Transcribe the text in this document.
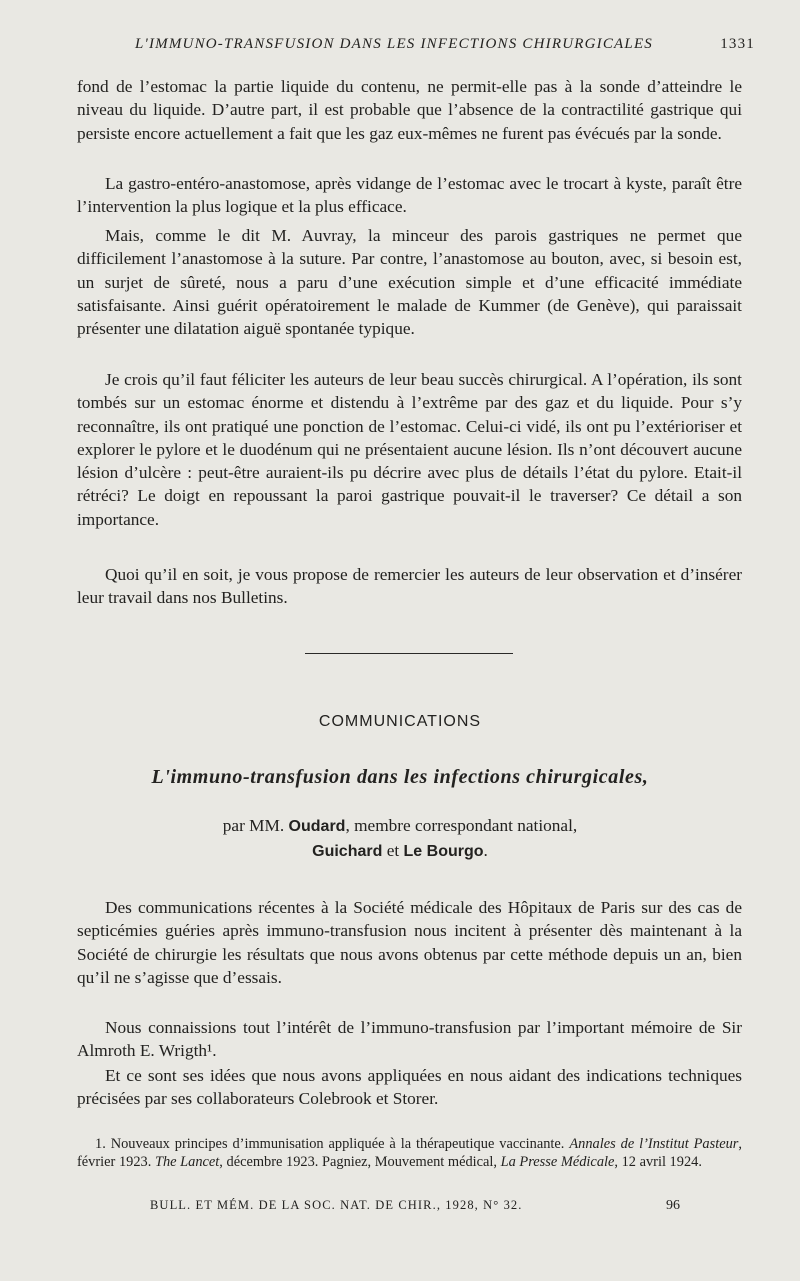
L'IMMUNO-TRANSFUSION DANS LES INFECTIONS CHIRURGICALES	1331

fond de l’estomac la partie liquide du contenu, ne permit-elle pas à la sonde d’atteindre le niveau du liquide. D’autre part, il est probable que l’absence de la contractilité gastrique qui persiste encore actuellement a fait que les gaz eux-mêmes ne furent pas évécués par la sonde.

La gastro-entéro-anastomose, après vidange de l’estomac avec le trocart à kyste, paraît être l’intervention la plus logique et la plus efficace.

Mais, comme le dit M. Auvray, la minceur des parois gastriques ne permet que difficilement l’anastomose à la suture. Par contre, l’anastomose au bouton, avec, si besoin est, un surjet de sûreté, nous a paru d’une exécution simple et d’une efficacité immédiate satisfaisante. Ainsi guérit opératoirement le malade de Kummer (de Genève), qui paraissait présenter une dilatation aiguë spontanée typique.

Je crois qu’il faut féliciter les auteurs de leur beau succès chirurgical. A l’opération, ils sont tombés sur un estomac énorme et distendu à l’extrême par des gaz et du liquide. Pour s’y reconnaître, ils ont pratiqué une ponction de l’estomac. Celui-ci vidé, ils ont pu l’extérioriser et explorer le pylore et le duodénum qui ne présentaient aucune lésion. Ils n’ont découvert aucune lésion d’ulcère : peut-être auraient-ils pu décrire avec plus de détails l’état du pylore. Etait-il rétréci? Le doigt en repoussant la paroi gastrique pouvait-il le traverser? Ce détail a son importance.

Quoi qu’il en soit, je vous propose de remercier les auteurs de leur observation et d’insérer leur travail dans nos Bulletins.

COMMUNICATIONS
L'immuno-transfusion dans les infections chirurgicales,
par MM. Oudard, membre correspondant national,
Guichard et Le Bourgo.

Des communications récentes à la Société médicale des Hôpitaux de Paris sur des cas de septicémies guéries après immuno-transfusion nous incitent à présenter dès maintenant à la Société de chirurgie les résultats que nous avons obtenus par cette méthode depuis un an, bien qu’il ne s’agisse que d’essais.

Nous connaissions tout l’intérêt de l’immuno-transfusion par l’important mémoire de Sir Almroth E. Wrigth¹.

Et ce sont ses idées que nous avons appliquées en nous aidant des indications techniques précisées par ses collaborateurs Colebrook et Storer.

1. Nouveaux principes d’immunisation appliquée à la thérapeutique vaccinante. Annales de l’Institut Pasteur, février 1923. The Lancet, décembre 1923. Pagniez, Mouvement médical, La Presse Médicale, 12 avril 1924.

BULL. ET MÉM. DE LA SOC. NAT. DE CHIR., 1928, N° 32.	96
